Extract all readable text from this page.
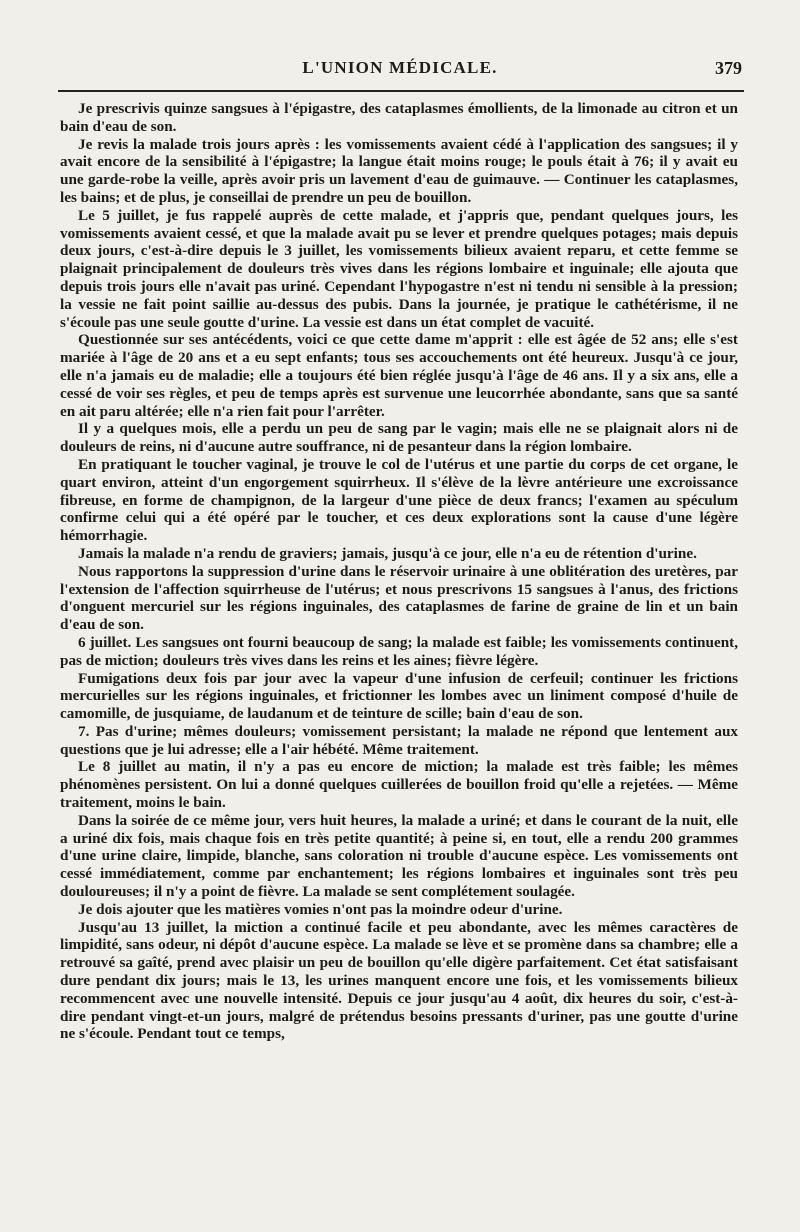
L'UNION MÉDICALE.	379

Je prescrivis quinze sangsues à l'épigastre, des cataplasmes émollients, de la limonade au citron et un bain d'eau de son.

Je revis la malade trois jours après : les vomissements avaient cédé à l'application des sangsues; il y avait encore de la sensibilité à l'épigastre; la langue était moins rouge; le pouls était à 76; il y avait eu une garde-robe la veille, après avoir pris un lavement d'eau de guimauve. — Continuer les cataplasmes, les bains; et de plus, je conseillai de prendre un peu de bouillon.

Le 5 juillet, je fus rappelé auprès de cette malade, et j'appris que, pendant quelques jours, les vomissements avaient cessé, et que la malade avait pu se lever et prendre quelques potages; mais depuis deux jours, c'est-à-dire depuis le 3 juillet, les vomissements bilieux avaient reparu, et cette femme se plaignait principalement de douleurs très vives dans les régions lombaire et inguinale; elle ajouta que depuis trois jours elle n'avait pas uriné. Cependant l'hypogastre n'est ni tendu ni sensible à la pression; la vessie ne fait point saillie au-dessus des pubis. Dans la journée, je pratique le cathétérisme, il ne s'écoule pas une seule goutte d'urine. La vessie est dans un état complet de vacuité.

Questionnée sur ses antécédents, voici ce que cette dame m'apprit : elle est âgée de 52 ans; elle s'est mariée à l'âge de 20 ans et a eu sept enfants; tous ses accouchements ont été heureux. Jusqu'à ce jour, elle n'a jamais eu de maladie; elle a toujours été bien réglée jusqu'à l'âge de 46 ans. Il y a six ans, elle a cessé de voir ses règles, et peu de temps après est survenue une leucorrhée abondante, sans que sa santé en ait paru altérée; elle n'a rien fait pour l'arrêter.

Il y a quelques mois, elle a perdu un peu de sang par le vagin; mais elle ne se plaignait alors ni de douleurs de reins, ni d'aucune autre souffrance, ni de pesanteur dans la région lombaire.

En pratiquant le toucher vaginal, je trouve le col de l'utérus et une partie du corps de cet organe, le quart environ, atteint d'un engorgement squirrheux. Il s'élève de la lèvre antérieure une excroissance fibreuse, en forme de champignon, de la largeur d'une pièce de deux francs; l'examen au spéculum confirme celui qui a été opéré par le toucher, et ces deux explorations sont la cause d'une légère hémorrhagie.

Jamais la malade n'a rendu de graviers; jamais, jusqu'à ce jour, elle n'a eu de rétention d'urine.

Nous rapportons la suppression d'urine dans le réservoir urinaire à une oblitération des uretères, par l'extension de l'affection squirrheuse de l'utérus; et nous prescrivons 15 sangsues à l'anus, des frictions d'onguent mercuriel sur les régions inguinales, des cataplasmes de farine de graine de lin et un bain d'eau de son.

6 juillet. Les sangsues ont fourni beaucoup de sang; la malade est faible; les vomissements continuent, pas de miction; douleurs très vives dans les reins et les aines; fièvre légère.

Fumigations deux fois par jour avec la vapeur d'une infusion de cerfeuil; continuer les frictions mercurielles sur les régions inguinales, et frictionner les lombes avec un liniment composé d'huile de camomille, de jusquiame, de laudanum et de teinture de scille; bain d'eau de son.

7. Pas d'urine; mêmes douleurs; vomissement persistant; la malade ne répond que lentement aux questions que je lui adresse; elle a l'air hébété. Même traitement.

Le 8 juillet au matin, il n'y a pas eu encore de miction; la malade est très faible; les mêmes phénomènes persistent. On lui a donné quelques cuillerées de bouillon froid qu'elle a rejetées. — Même traitement, moins le bain.

Dans la soirée de ce même jour, vers huit heures, la malade a uriné; et dans le courant de la nuit, elle a uriné dix fois, mais chaque fois en très petite quantité; à peine si, en tout, elle a rendu 200 grammes d'une urine claire, limpide, blanche, sans coloration ni trouble d'aucune espèce. Les vomissements ont cessé immédiatement, comme par enchantement; les régions lombaires et inguinales sont très peu douloureuses; il n'y a point de fièvre. La malade se sent complétement soulagée.

Je dois ajouter que les matières vomies n'ont pas la moindre odeur d'urine.

Jusqu'au 13 juillet, la miction a continué facile et peu abondante, avec les mêmes caractères de limpidité, sans odeur, ni dépôt d'aucune espèce. La malade se lève et se promène dans sa chambre; elle a retrouvé sa gaîté, prend avec plaisir un peu de bouillon qu'elle digère parfaitement. Cet état satisfaisant dure pendant dix jours; mais le 13, les urines manquent encore une fois, et les vomissements bilieux recommencent avec une nouvelle intensité. Depuis ce jour jusqu'au 4 août, dix heures du soir, c'est-à-dire pendant vingt-et-un jours, malgré de prétendus besoins pressants d'uriner, pas une goutte d'urine ne s'écoule. Pendant tout ce temps,
